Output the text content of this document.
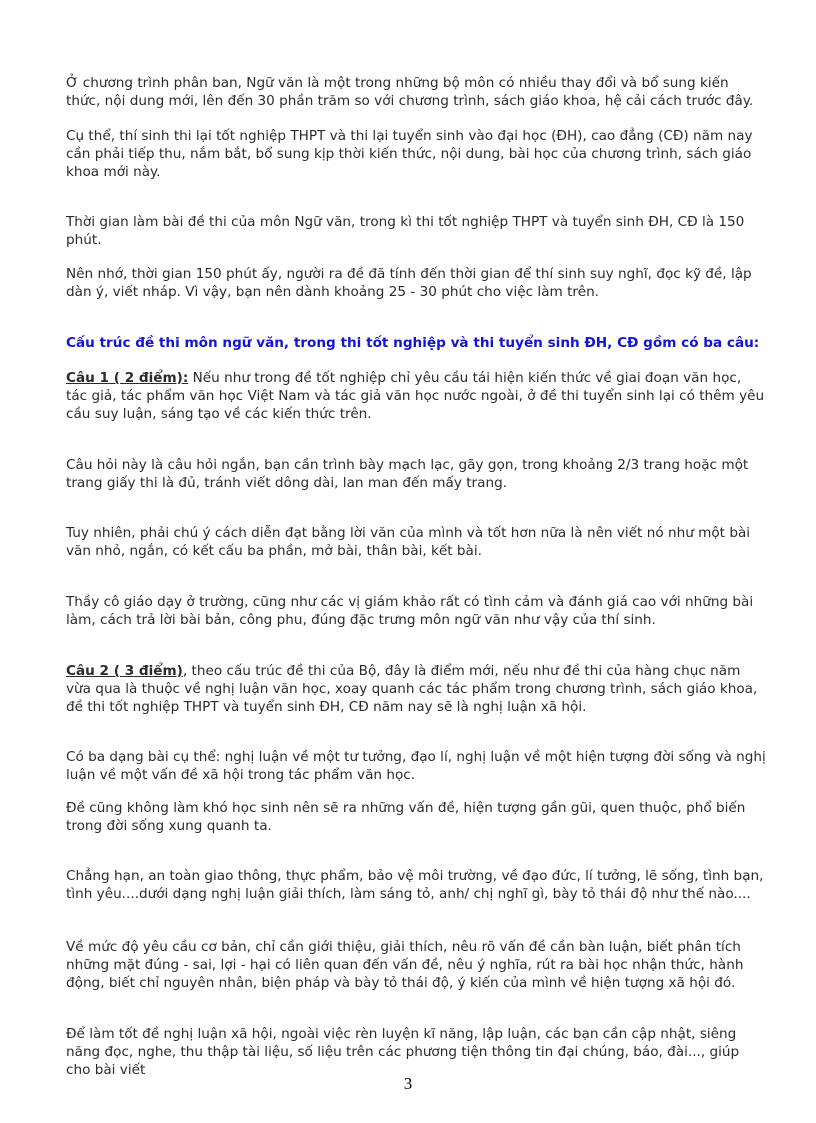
Ở chương trình phân ban, Ngữ văn là một trong những bộ môn có nhiều thay đổi và bổ sung kiến thức, nội dung mới, lên đến 30 phần trăm so với chương trình, sách giáo khoa, hệ cải cách trước đây.

Cụ thể, thí sinh thi lại tốt nghiệp THPT và thi lại tuyển sinh vào đại học (ĐH), cao đẳng (CĐ) năm nay cần phải tiếp thu, nắm bắt, bổ sung kịp thời kiến thức, nội dung, bài học của chương trình, sách giáo khoa mới này.

Thời gian làm bài đề thi của môn Ngữ văn, trong kì thi tốt nghiệp THPT và tuyển sinh ĐH, CĐ là 150 phút.

Nên nhớ, thời gian 150 phút ấy, người ra đề đã tính đến thời gian để thí sinh suy nghĩ, đọc kỹ đề, lập dàn ý, viết nháp. Vì vậy, bạn nên dành khoảng 25 - 30 phút cho việc làm trên.

Cấu trúc đề thi môn ngữ văn, trong thi tốt nghiệp và thi tuyển sinh ĐH, CĐ gồm có ba câu:

Câu 1 ( 2 điểm): Nếu như trong đề tốt nghiệp chỉ yêu cầu tái hiện kiến thức về giai đoạn văn học, tác giả, tác phẩm văn học Việt Nam và tác giả văn học nước ngoài, ở đề thi tuyển sinh lại có thêm yêu cầu suy luận, sáng tạo về các kiến thức trên.

Câu hỏi này là câu hỏi ngắn, bạn cần trình bày mạch lạc, gãy gọn, trong khoảng 2/3 trang hoặc một trang giấy thi là đủ, tránh viết dông dài, lan man đến mấy trang.

Tuy nhiên, phải chú ý cách diễn đạt bằng lời văn của mình và tốt hơn nữa là nên viết nó như một bài văn nhỏ, ngắn, có kết cấu ba phần, mở bài, thân bài, kết bài.

Thầy cô giáo dạy ở trường, cũng như các vị giám khảo rất có tình cảm và đánh giá cao với những bài làm, cách trả lời bài bản, công phu, đúng đặc trưng môn ngữ văn như vậy của thí sinh.

Câu 2 ( 3 điểm), theo cấu trúc đề thi của Bộ, đây là điểm mới, nếu như đề thi của hàng chục năm vừa qua là thuộc về nghị luận văn học, xoay quanh các tác phẩm trong chương trình, sách giáo khoa, đề thi tốt nghiệp THPT và tuyển sinh ĐH, CĐ năm nay sẽ là nghị luận xã hội.

Có ba dạng bài cụ thể: nghị luận về một tư tưởng, đạo lí, nghị luận về một hiện tượng đời sống và nghị luận về một vấn đề xã hội trong tác phẩm văn học.

Đề cũng không làm khó học sinh nên sẽ ra những vấn đề, hiện tượng gần gũi, quen thuộc, phổ biến trong đời sống xung quanh ta.

Chẳng hạn, an toàn giao thông, thực phẩm, bảo vệ môi trường, về đạo đức, lí tưởng, lẽ sống, tình bạn, tình yêu....dưới dạng nghị luận giải thích, làm sáng tỏ, anh/ chị nghĩ gì, bày tỏ thái độ như thế nào....

Về mức độ yêu cầu cơ bản, chỉ cần giới thiệu, giải thích, nêu rõ vấn đề cần bàn luận, biết phân tích những mặt đúng - sai, lợi - hại có liên quan đến vấn đề, nêu ý nghĩa, rút ra bài học nhận thức, hành động, biết chỉ nguyên nhân, biện pháp và bày tỏ thái độ, ý kiến của mình về hiện tượng xã hội đó.

Để làm tốt đề nghị luận xã hội, ngoài việc rèn luyện kĩ năng, lập luận, các bạn cần cập nhật, siêng năng đọc, nghe, thu thập tài liệu, số liệu trên các phương tiện thông tin đại chúng, báo, đài..., giúp cho bài viết

3
